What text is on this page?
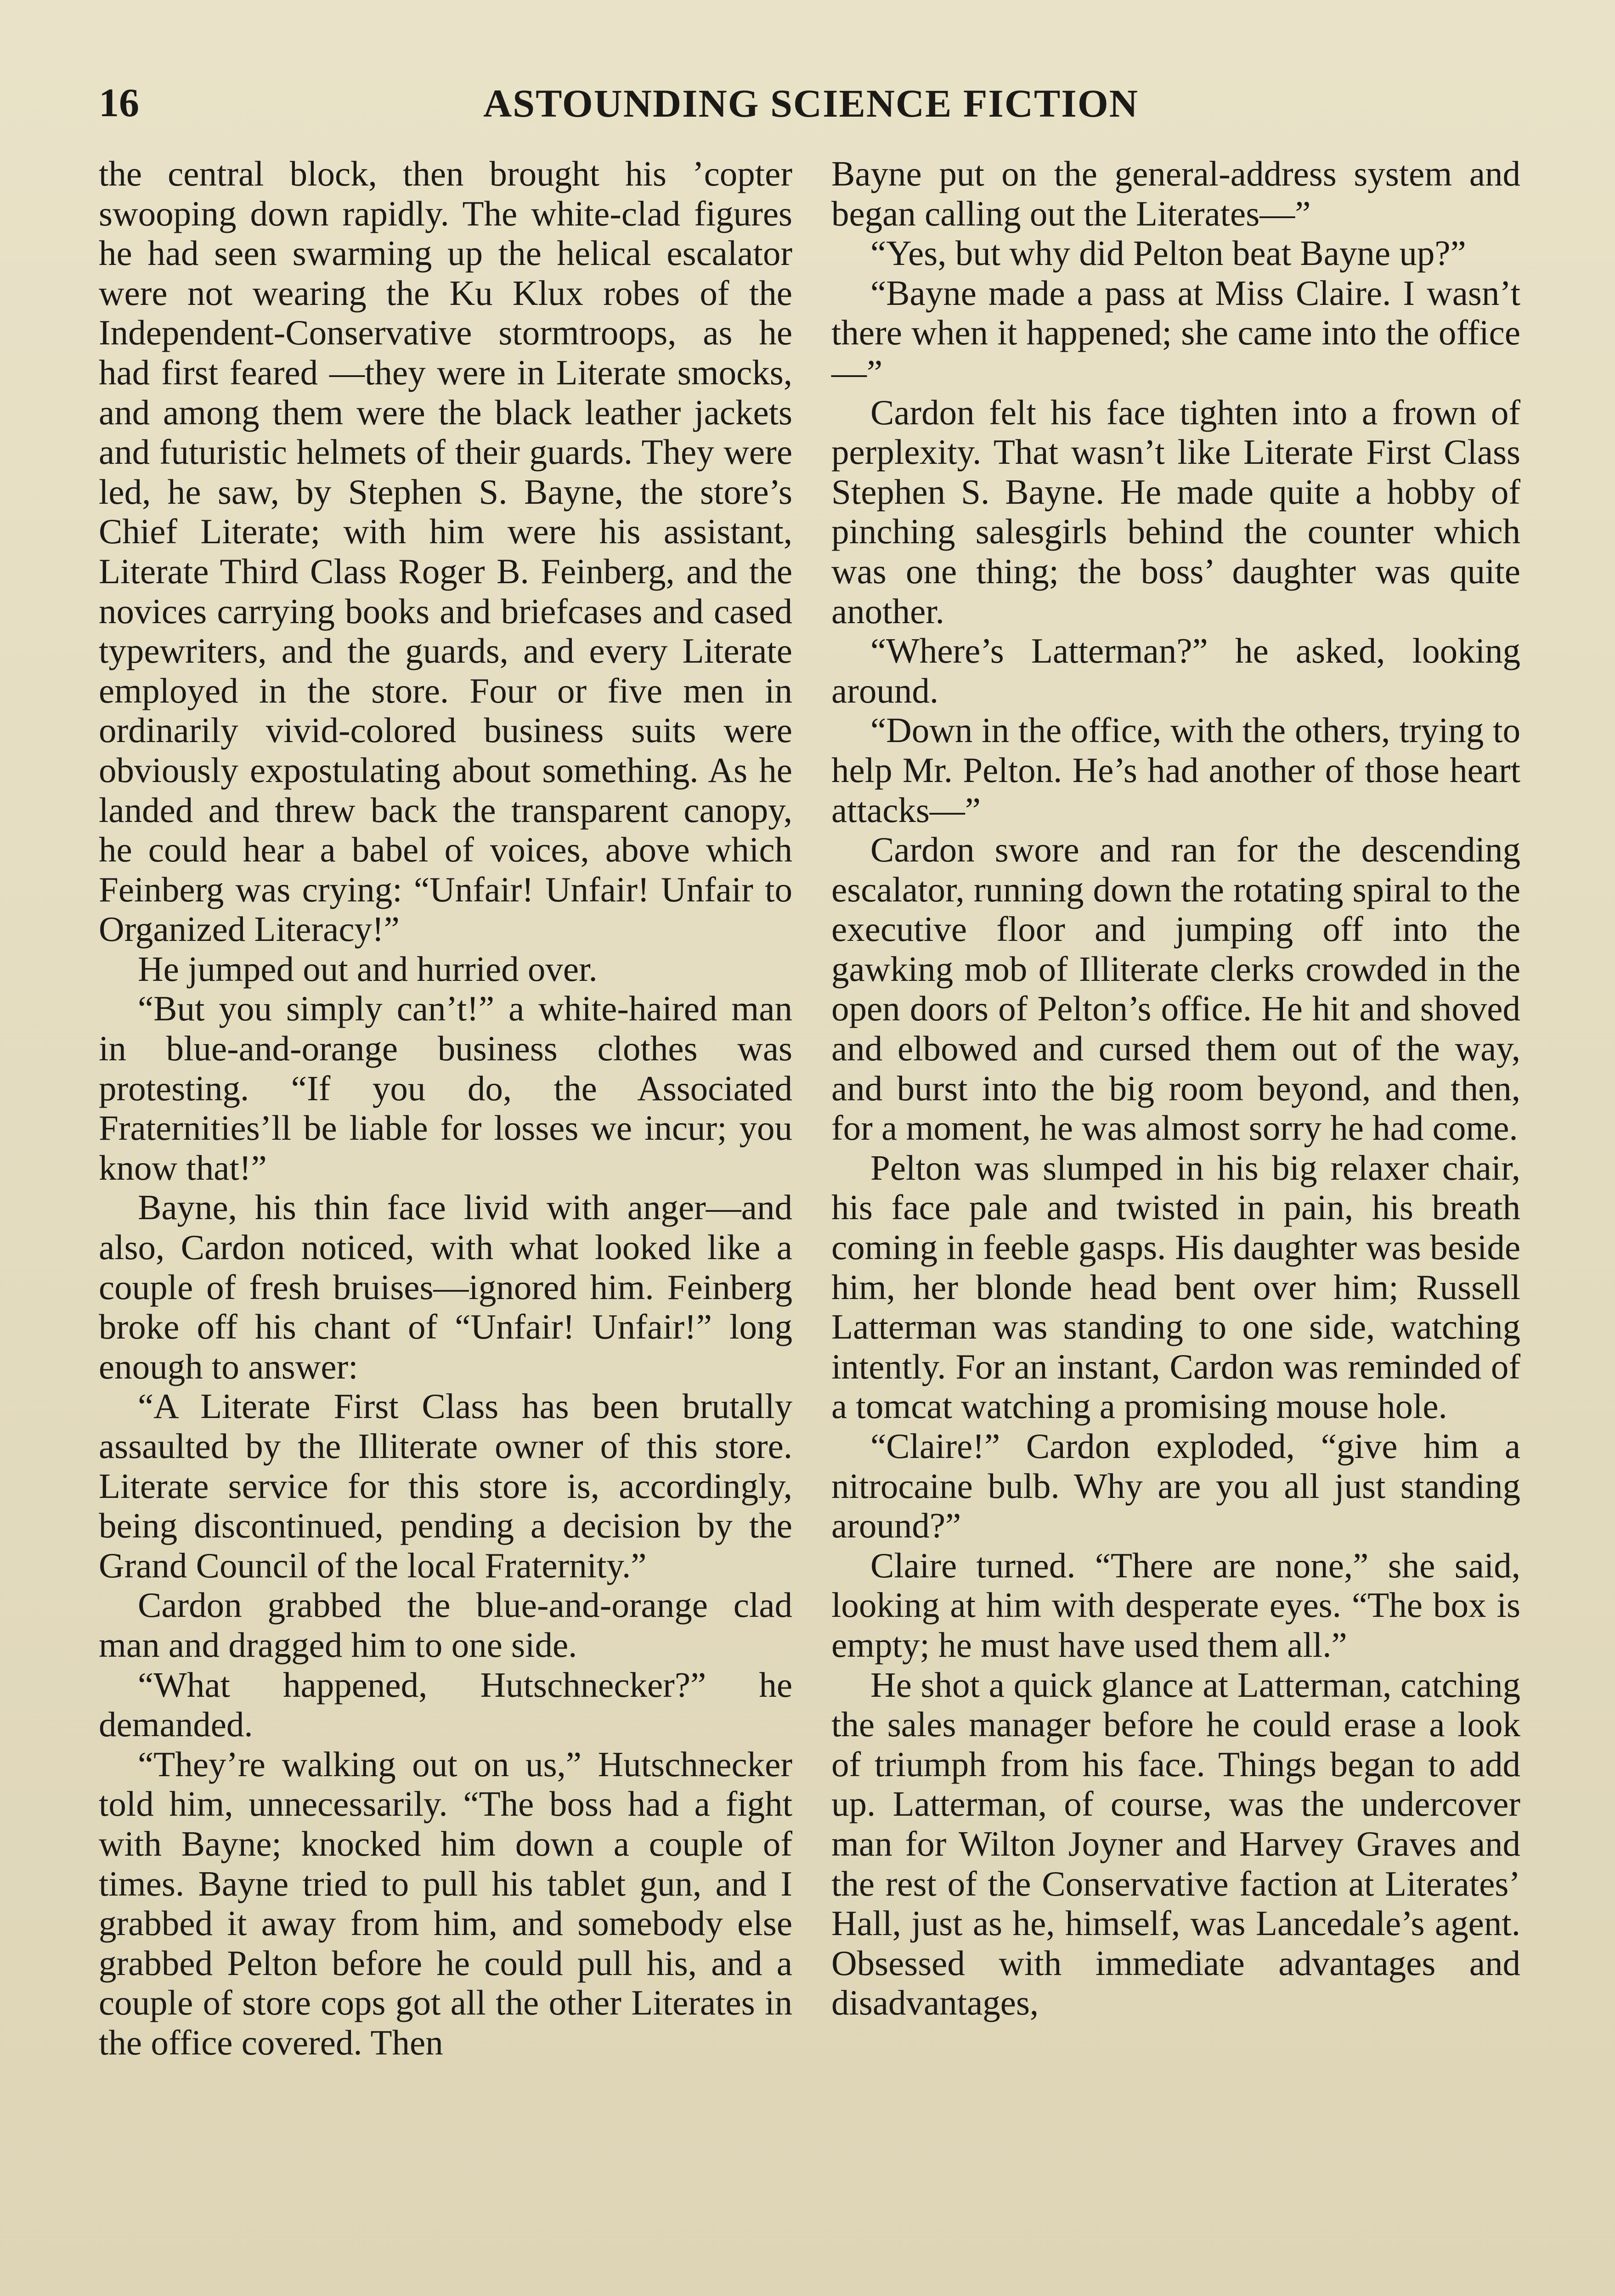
16	ASTOUNDING SCIENCE FICTION

the central block, then brought his ’copter swooping down rapidly. The white-clad figures he had seen swarming up the helical escalator were not wearing the Ku Klux robes of the Independent-Conservative stormtroops, as he had first feared —they were in Literate smocks, and among them were the black leather jackets and futuristic helmets of their guards. They were led, he saw, by Stephen S. Bayne, the store’s Chief Literate; with him were his assistant, Literate Third Class Roger B. Feinberg, and the novices carrying books and briefcases and cased typewriters, and the guards, and every Literate employed in the store. Four or five men in ordinarily vivid-colored business suits were obviously expostulating about something. As he landed and threw back the transparent canopy, he could hear a babel of voices, above which Feinberg was crying: “Unfair! Unfair! Unfair to Organized Literacy!”

He jumped out and hurried over.

“But you simply can’t!” a white-haired man in blue-and-orange business clothes was protesting. “If you do, the Associated Fraternities’ll be liable for losses we incur; you know that!”

Bayne, his thin face livid with anger—and also, Cardon noticed, with what looked like a couple of fresh bruises—ignored him. Feinberg broke off his chant of “Unfair! Unfair!” long enough to answer:

“A Literate First Class has been brutally assaulted by the Illiterate owner of this store. Literate service for this store is, accordingly, being discontinued, pending a decision by the Grand Council of the local Fraternity.”

Cardon grabbed the blue-and-orange clad man and dragged him to one side.

“What happened, Hutschnecker?” he demanded.

“They’re walking out on us,” Hutschnecker told him, unnecessarily. “The boss had a fight with Bayne; knocked him down a couple of times. Bayne tried to pull his tablet gun, and I grabbed it away from him, and somebody else grabbed Pelton before he could pull his, and a couple of store cops got all the other Literates in the office covered. Then

Bayne put on the general-address system and began calling out the Literates—”

“Yes, but why did Pelton beat Bayne up?”

“Bayne made a pass at Miss Claire. I wasn’t there when it happened; she came into the office—”

Cardon felt his face tighten into a frown of perplexity. That wasn’t like Literate First Class Stephen S. Bayne. He made quite a hobby of pinching salesgirls behind the counter which was one thing; the boss’ daughter was quite another.

“Where’s Latterman?” he asked, looking around.

“Down in the office, with the others, trying to help Mr. Pelton. He’s had another of those heart attacks—”

Cardon swore and ran for the descending escalator, running down the rotating spiral to the executive floor and jumping off into the gawking mob of Illiterate clerks crowded in the open doors of Pelton’s office. He hit and shoved and elbowed and cursed them out of the way, and burst into the big room beyond, and then, for a moment, he was almost sorry he had come.

Pelton was slumped in his big relaxer chair, his face pale and twisted in pain, his breath coming in feeble gasps. His daughter was beside him, her blonde head bent over him; Russell Latterman was standing to one side, watching intently. For an instant, Cardon was reminded of a tomcat watching a promising mouse hole.

“Claire!” Cardon exploded, “give him a nitrocaine bulb. Why are you all just standing around?”

Claire turned. “There are none,” she said, looking at him with desperate eyes. “The box is empty; he must have used them all.”

He shot a quick glance at Latterman, catching the sales manager before he could erase a look of triumph from his face. Things began to add up. Latterman, of course, was the undercover man for Wilton Joyner and Harvey Graves and the rest of the Conservative faction at Literates’ Hall, just as he, himself, was Lancedale’s agent. Obsessed with immediate advantages and disadvantages,
